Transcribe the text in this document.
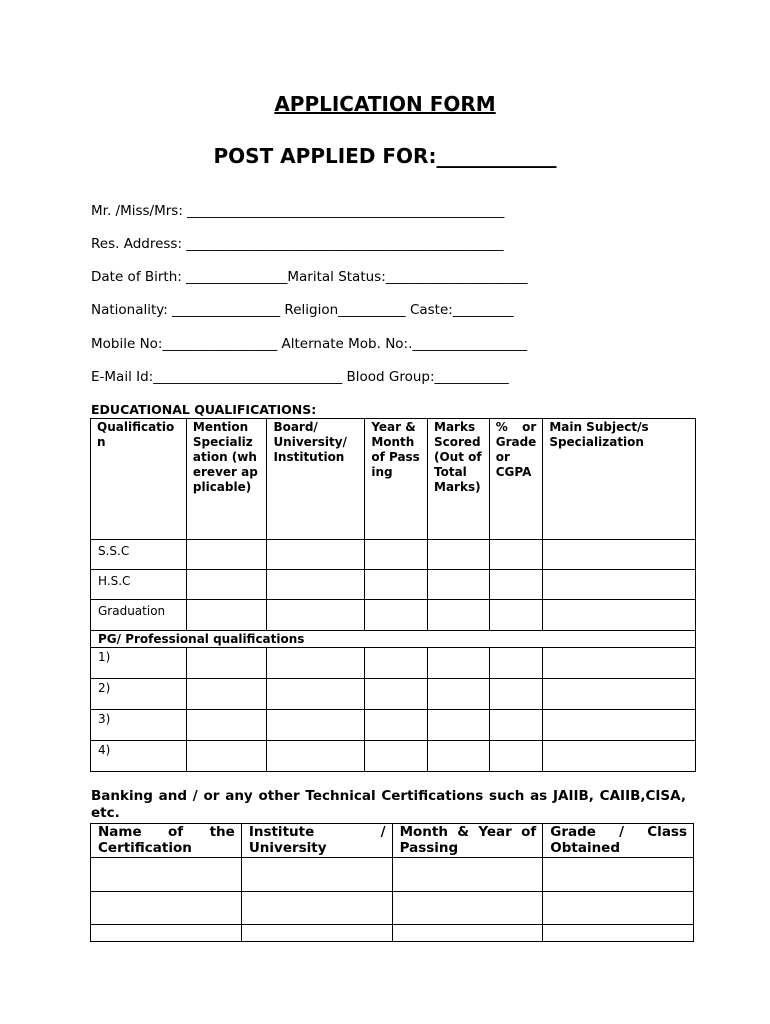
APPLICATION FORM
POST APPLIED FOR:____________
Mr. /Miss/Mrs: _______________________________________________
Res. Address: _______________________________________________
Date of Birth: _______________Marital Status:_____________________
Nationality: ________________ Religion__________ Caste:_________
Mobile No:_________________ Alternate Mob. No:._________________
E-Mail Id:____________________________ Blood Group:___________
EDUCATIONAL QUALIFICATIONS:
Qualification	Mention Specialization (wherever applicable)	Board/ University/ Institution	Year & Month of Passing	Marks Scored (Out of Total Marks)	% or Grade or CGPA	Main Subject/s Specialization
S.S.C						
H.S.C						
Graduation						
PG/ Professional qualifications						
1)						
2)						
3)						
4)						
Banking and / or any other Technical Certifications such as JAIIB, CAIIB,CISA, etc.
Name of the Certification	Institute / University	Month & Year of Passing	Grade / Class Obtained
